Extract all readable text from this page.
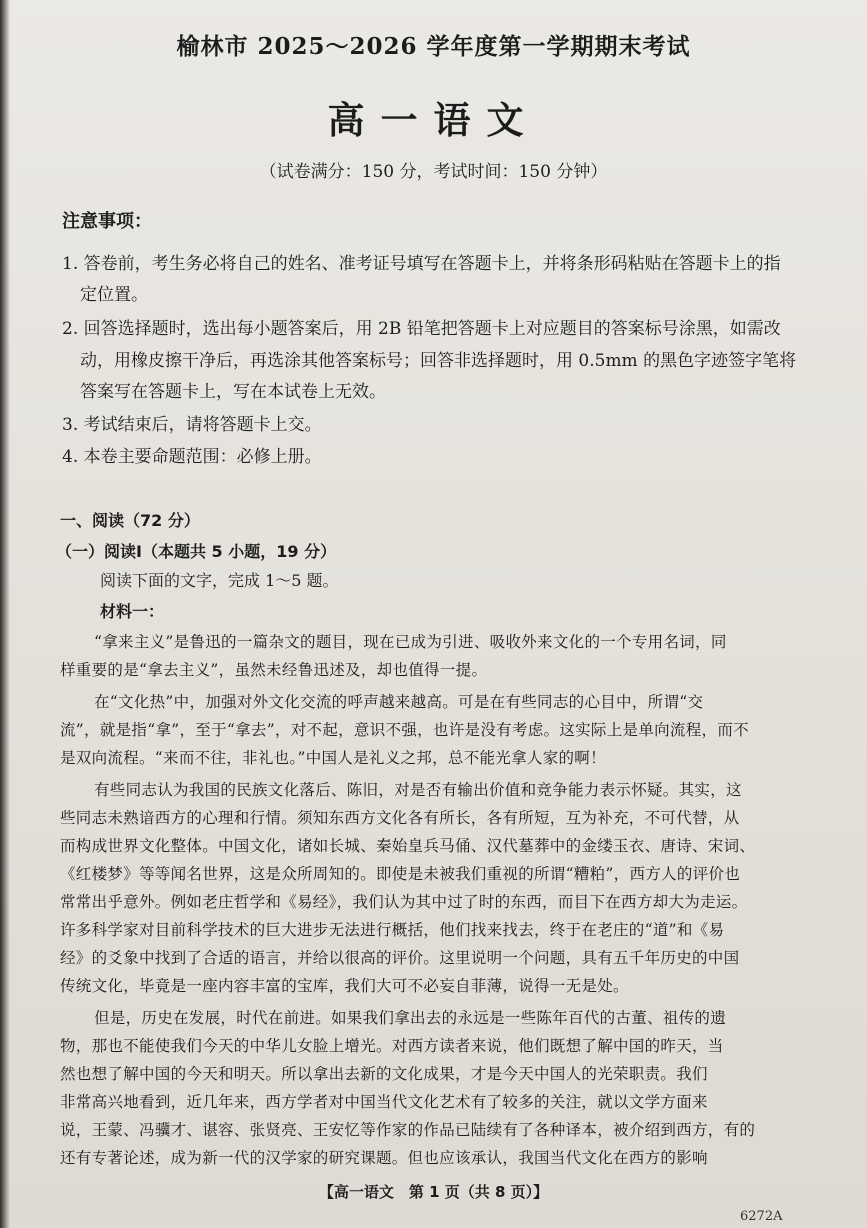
榆林市 2025～2026 学年度第一学期期末考试
高一语文
（试卷满分：150 分，考试时间：150 分钟）
注意事项：
1. 答卷前，考生务必将自己的姓名、准考证号填写在答题卡上，并将条形码粘贴在答题卡上的指
定位置。
2. 回答选择题时，选出每小题答案后，用 2B 铅笔把答题卡上对应题目的答案标号涂黑，如需改
动，用橡皮擦干净后，再选涂其他答案标号；回答非选择题时，用 0.5mm 的黑色字迹签字笔将
答案写在答题卡上，写在本试卷上无效。
3. 考试结束后，请将答题卡上交。
4. 本卷主要命题范围：必修上册。
一、阅读（72 分）
（一）阅读Ⅰ（本题共 5 小题，19 分）
阅读下面的文字，完成 1～5 题。
材料一：
“拿来主义”是鲁迅的一篇杂文的题目，现在已成为引进、吸收外来文化的一个专用名词，同
样重要的是“拿去主义”，虽然未经鲁迅述及，却也值得一提。
在“文化热”中，加强对外文化交流的呼声越来越高。可是在有些同志的心目中，所谓“交
流”，就是指“拿”，至于“拿去”，对不起，意识不强，也许是没有考虑。这实际上是单向流程，而不
是双向流程。“来而不往，非礼也。”中国人是礼义之邦，总不能光拿人家的啊！
有些同志认为我国的民族文化落后、陈旧，对是否有输出价值和竞争能力表示怀疑。其实，这
些同志未熟谙西方的心理和行情。须知东西方文化各有所长，各有所短，互为补充，不可代替，从
而构成世界文化整体。中国文化，诸如长城、秦始皇兵马俑、汉代墓葬中的金缕玉衣、唐诗、宋词、
《红楼梦》等等闻名世界，这是众所周知的。即使是未被我们重视的所谓“糟粕”，西方人的评价也
常常出乎意外。例如老庄哲学和《易经》，我们认为其中过了时的东西，而目下在西方却大为走运。
许多科学家对目前科学技术的巨大进步无法进行概括，他们找来找去，终于在老庄的“道”和《易
经》的爻象中找到了合适的语言，并给以很高的评价。这里说明一个问题，具有五千年历史的中国
传统文化，毕竟是一座内容丰富的宝库，我们大可不必妄自菲薄，说得一无是处。
但是，历史在发展，时代在前进。如果我们拿出去的永远是一些陈年百代的古董、祖传的遗
物，那也不能使我们今天的中华儿女脸上增光。对西方读者来说，他们既想了解中国的昨天，当
然也想了解中国的今天和明天。所以拿出去新的文化成果，才是今天中国人的光荣职责。我们
非常高兴地看到，近几年来，西方学者对中国当代文化艺术有了较多的关注，就以文学方面来
说，王蒙、冯骥才、谌容、张贤亮、王安忆等作家的作品已陆续有了各种译本，被介绍到西方，有的
还有专著论述，成为新一代的汉学家的研究课题。但也应该承认，我国当代文化在西方的影响
【高一语文　第 1 页（共 8 页）】
6272A
